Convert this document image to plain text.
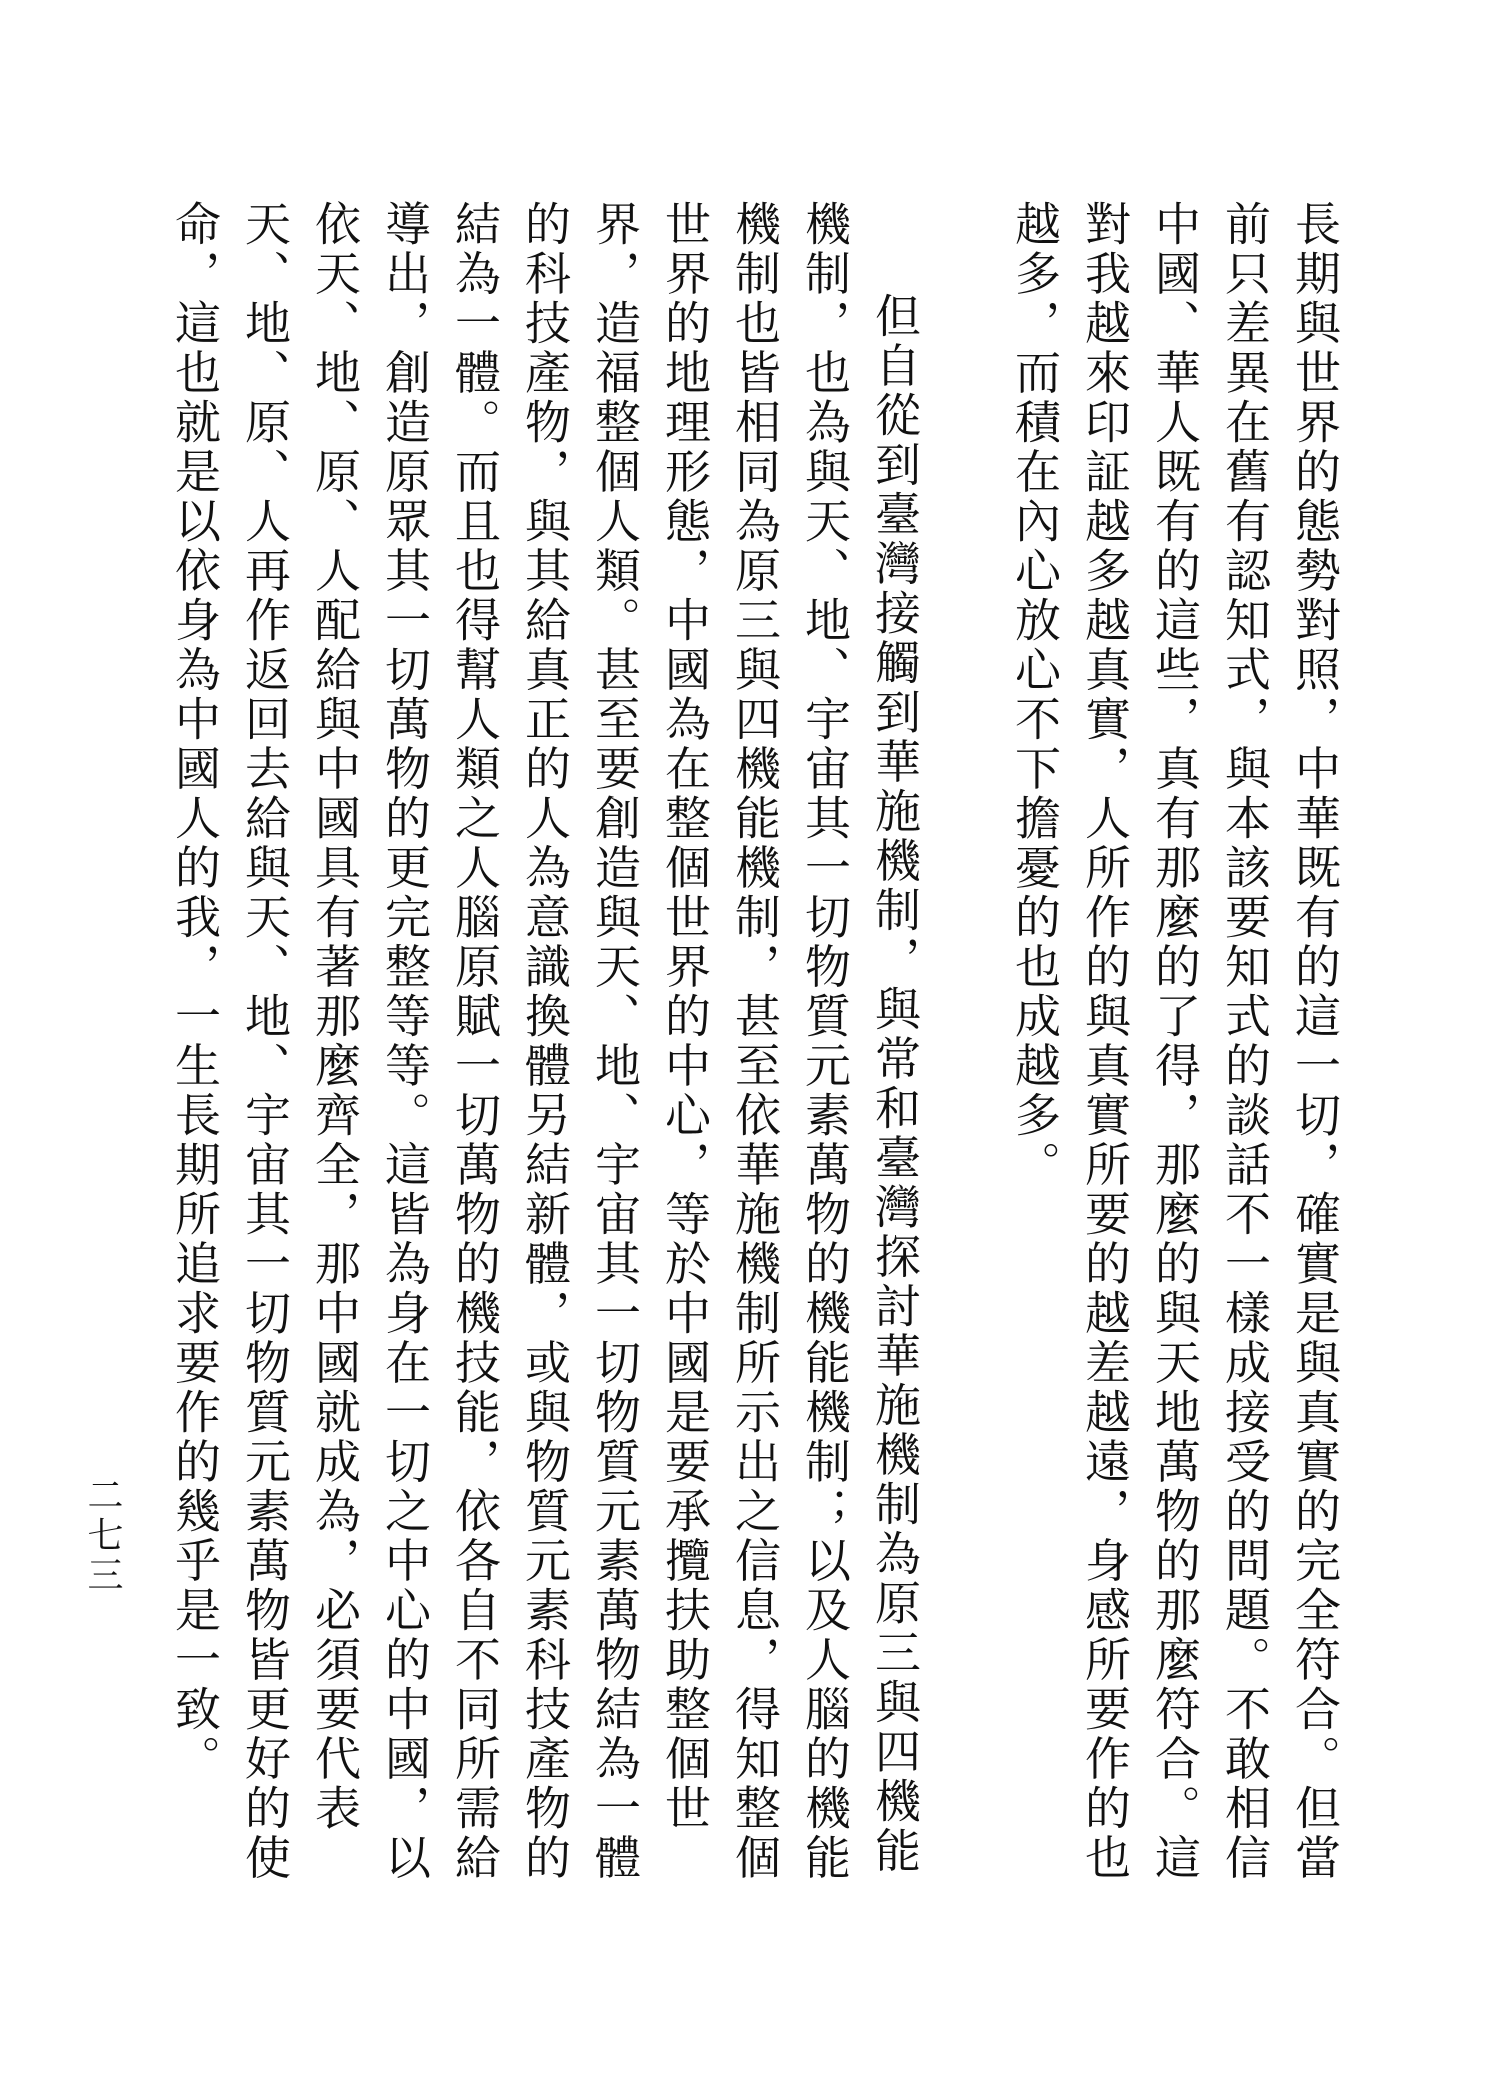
長期與世界的態勢對照，中華既有的這一切，確實是與真實的完全符合。但當前只差異在舊有認知式，與本該要知式的談話不一樣成接受的問題。不敢相信中國、華人既有的這些，真有那麼的了得，那麼的與天地萬物的那麼符合。這對我越來印証越多越真實，人所作的與真實所要的越差越遠，身感所要作的也越多，而積在內心放心不下擔憂的也成越多。

但自從到臺灣接觸到華施機制，與常和臺灣探討華施機制為原三與四機能機制，也為與天、地、宇宙其一切物質元素萬物的機能機制；以及人腦的機能機制也皆相同為原三與四機能機制，甚至依華施機制所示出之信息，得知整個世界的地理形態，中國為在整個世界的中心，等於中國是要承攬扶助整個世界，造福整個人類。甚至要創造與天、地、宇宙其一切物質元素萬物結為一體的科技產物，與其給真正的人為意識換體另結新體，或與物質元素科技產物的結為一體。而且也得幫人類之人腦原賦一切萬物的機技能，依各自不同所需給導出，創造原眾其一切萬物的更完整等等。這皆為身在一切之中心的中國，以依天、地、原、人配給與中國具有著那麼齊全，那中國就成為，必須要代表天、地、原、人再作返回去給與天、地、宇宙其一切物質元素萬物皆更好的使命，這也就是以依身為中國人的我，一生長期所追求要作的幾乎是一致。

二七三
